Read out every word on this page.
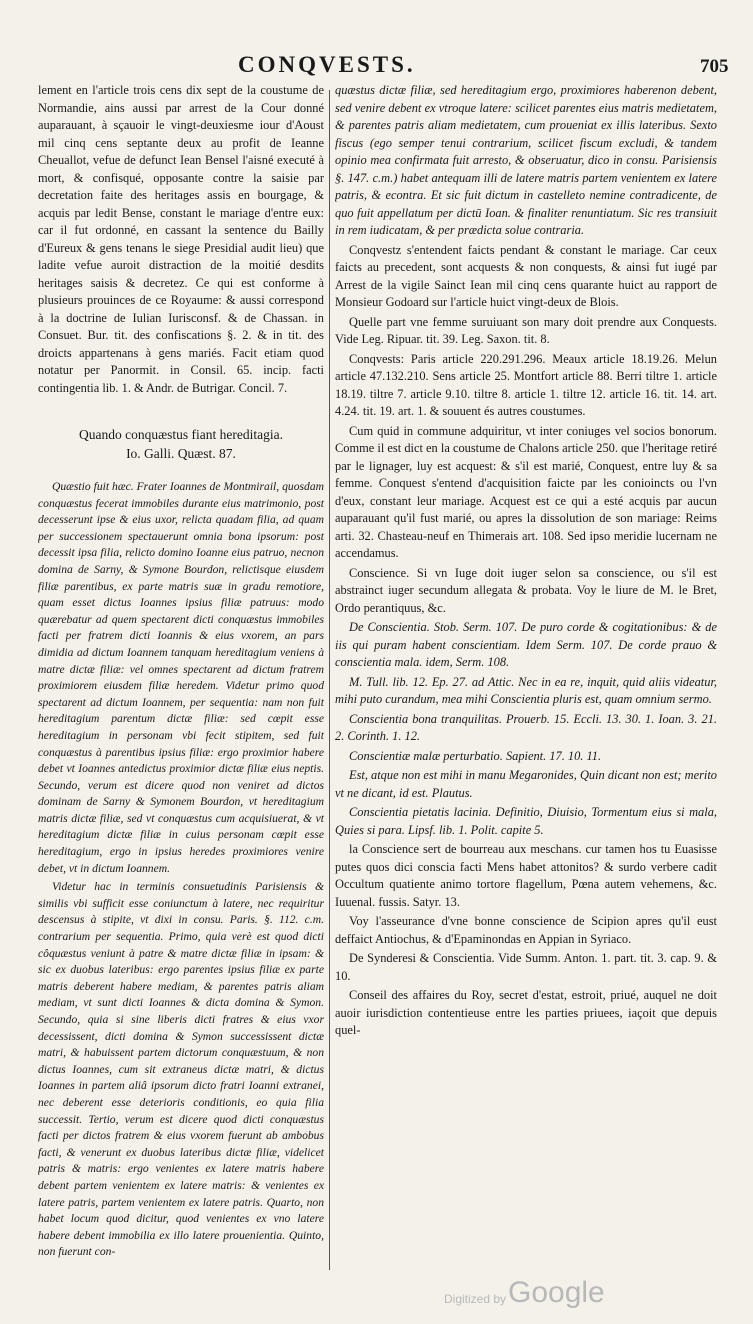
CONQVESTS.	705

lement en l'article trois cens dix sept de la coustume de Normandie, ains aussi par arrest de la Cour donné auparauant, à sçauoir le vingt-deuxiesme iour d'Aoust mil cinq cens septante deux au profit de Ieanne Cheuallot, vefue de defunct Iean Bensel l'aisné executé à mort, & confisqué, opposante contre la saisie par decretation faite des heritages assis en bourgage, & acquis par ledit Bense, constant le mariage d'entre eux: car il fut ordonné, en cassant la sentence du Bailly d'Eureux & gens tenans le siege Presidial audit lieu) que ladite vefue auroit distraction de la moitié desdits heritages saisis & decretez. Ce qui est conforme à plusieurs prouinces de ce Royaume: & aussi correspond à la doctrine de Iulian Iurisconsf. & de Chassan. in Consuet. Bur. tit. des confiscations §. 2. & in tit. des droicts appartenans à gens mariés. Facit etiam quod notatur per Panormit. in Consil. 65. incip. facti contingentia lib. 1. & Andr. de Butrigar. Concil. 7.

Quando conquæstus fiant hereditagia.
Io. Galli. Quæst. 87.

Quæstio fuit hæc. Frater Ioannes de Montmirail, quosdam conquæstus fecerat immobiles durante eius matrimonio, post decesserunt ipse & eius uxor, relicta quadam filia, ad quam per successionem spectauerunt omnia bona ipsorum: post decessit ipsa filia, relicto domino Ioanne eius patruo, necnon domina de Sarny, & Symone Bourdon, relictisque eiusdem filiæ parentibus, ex parte matris suæ in gradu remotiore, quam esset dictus Ioannes ipsius filiæ patruus: modo quærebatur ad quem spectarent dicti conquæstus immobiles facti per fratrem dicti Ioannis & eius vxorem, an pars dimidia ad dictum Ioannem tanquam hereditagium veniens à matre dictæ filiæ: vel omnes spectarent ad dictum fratrem proximiorem eiusdem filiæ heredem. Videtur primo quod spectarent ad dictum Ioannem, per sequentia: nam non fuit hereditagium parentum dictæ filiæ: sed cœpit esse hereditagium in personam vbi fecit stipitem, sed fuit conquæstus à parentibus ipsius filiæ: ergo proximior habere debet vt Ioannes antedictus proximior dictæ filiæ eius neptis. Secundo, verum est dicere quod non veniret ad dictos dominam de Sarny & Symonem Bourdon, vt hereditagium matris dictæ filiæ, sed vt conquæstus cum acquisiuerat, & vt hereditagium dictæ filiæ in cuius personam cœpit esse hereditagium, ergo in ipsius heredes proximiores venire debet, vt in dictum Ioannem.

Videtur hac in terminis consuetudinis Parisiensis & similis vbi sufficit esse coniunctum à latere, nec requiritur descensus à stipite, vt dixi in consu. Paris. §. 112. c.m. contrarium per sequentia. Primo, quia verè est quod dicti côquæstus veniunt à patre & matre dictæ filiæ in ipsam: & sic ex duobus lateribus: ergo parentes ipsius filiæ ex parte matris deberent habere mediam, & parentes patris aliam mediam, vt sunt dicti Ioannes & dicta domina & Symon. Secundo, quia si sine liberis dicti fratres & eius vxor decessissent, dicti domina & Symon successissent dictæ matri, & habuissent partem dictorum conquæstuum, & non dictus Ioannes, cum sit extraneus dictæ matri, & dictus Ioannes in partem aliâ ipsorum dicto fratri Ioanni extranei, nec deberent esse deterioris conditionis, eo quia filia successit. Tertio, verum est dicere quod dicti conquæstus facti per dictos fratrem & eius vxorem fuerunt ab ambobus facti, & venerunt ex duobus lateribus dictæ filiæ, videlicet patris & matris: ergo venientes ex latere matris habere debent partem venientem ex latere matris: & venientes ex latere patris, partem venientem ex latere patris. Quarto, non habet locum quod dicitur, quod venientes ex vno latere habere debent immobilia ex illo latere prouenientia. Quinto, non fuerunt con-

quæstus dictæ filiæ, sed hereditagium ergo, proximiores haberenon debent, sed venire debent ex vtroque latere: scilicet parentes eius matris medietatem, & parentes patris aliam medietatem, cum proueniat ex illis lateribus. Sexto fiscus (ego semper tenui contrarium, scilicet fiscum excludi, & tandem opinio mea confirmata fuit arresto, & obseruatur, dico in consu. Parisiensis §. 147. c.m.) habet antequam illi de latere matris partem venientem ex latere patris, & econtra. Et sic fuit dictum in castelleto nemine contradicente, de quo fuit appellatum per dictū Ioan. & finaliter renuntiatum. Sic res transiuit in rem iudicatam, & per prædicta solue contraria.

Conqvestz s'entendent faicts pendant & constant le mariage. Car ceux faicts au precedent, sont acquests & non conquests, & ainsi fut iugé par Arrest de la vigile Sainct Iean mil cinq cens quarante huict au rapport de Monsieur Godoard sur l'article huict vingt-deux de Blois.

Quelle part vne femme suruiuant son mary doit prendre aux Conquests. Vide Leg. Ripuar. tit. 39. Leg. Saxon. tit. 8.

Conqvests: Paris article 220.291.296. Meaux article 18.19.26. Melun article 47.132.210. Sens article 25. Montfort article 88. Berri tiltre 1. article 18.19. tiltre 7. article 9.10. tiltre 8. article 1. tiltre 12. article 16. tit. 14. art. 4.24. tit. 19. art. 1. & souuent és autres coustumes.

Cum quid in commune adquiritur, vt inter coniuges vel socios bonorum. Comme il est dict en la coustume de Chalons article 250. que l'heritage retiré par le lignager, luy est acquest: & s'il est marié, Conquest, entre luy & sa femme. Conquest s'entend d'acquisition faicte par les conioincts ou l'vn d'eux, constant leur mariage. Acquest est ce qui a esté acquis par aucun auparauant qu'il fust marié, ou apres la dissolution de son mariage: Reims arti. 32. Chasteau-neuf en Thimerais art. 108. Sed ipso meridie lucernam ne accendamus.

Conscience. Si vn Iuge doit iuger selon sa conscience, ou s'il est abstrainct iuger secundum allegata & probata. Voy le liure de M. le Bret, Ordo perantiquus, &c.

De Conscientia. Stob. Serm. 107. De puro corde & cogitationibus: & de iis qui puram habent conscientiam. Idem Serm. 107. De corde prauo & conscientia mala. idem, Serm. 108.

M. Tull. lib. 12. Ep. 27. ad Attic. Nec in ea re, inquit, quid aliis videatur, mihi puto curandum, mea mihi Conscientia pluris est, quam omnium sermo.

Conscientia bona tranquilitas. Prouerb. 15. Eccli. 13. 30. 1. Ioan. 3. 21. 2. Corinth. 1. 12.

Conscientiæ malæ perturbatio. Sapient. 17. 10. 11.

Est, atque non est mihi in manu Megaronides, Quin dicant non est; merito vt ne dicant, id est. Plautus.

Conscientia pietatis lacinia. Definitio, Diuisio, Tormentum eius si mala, Quies si para. Lipsf. lib. 1. Polit. capite 5.

la Conscience sert de bourreau aux meschans. cur tamen hos tu Euasisse putes quos dici conscia facti Mens habet attonitos? & surdo verbere cadit Occultum quatiente animo tortore flagellum, Pœna autem vehemens, &c. Iuuenal. fussis. Satyr. 13.

Voy l'asseurance d'vne bonne conscience de Scipion apres qu'il eust deffaict Antiochus, & d'Epaminondas en Appian in Syriaco.

De Synderesi & Conscientia. Vide Summ. Anton. 1. part. tit. 3. cap. 9. & 10.

Conseil des affaires du Roy, secret d'estat, estroit, priué, auquel ne doit auoir iurisdiction contentieuse entre les parties priuees, iaçoit que depuis quel-

Digitized by Google
